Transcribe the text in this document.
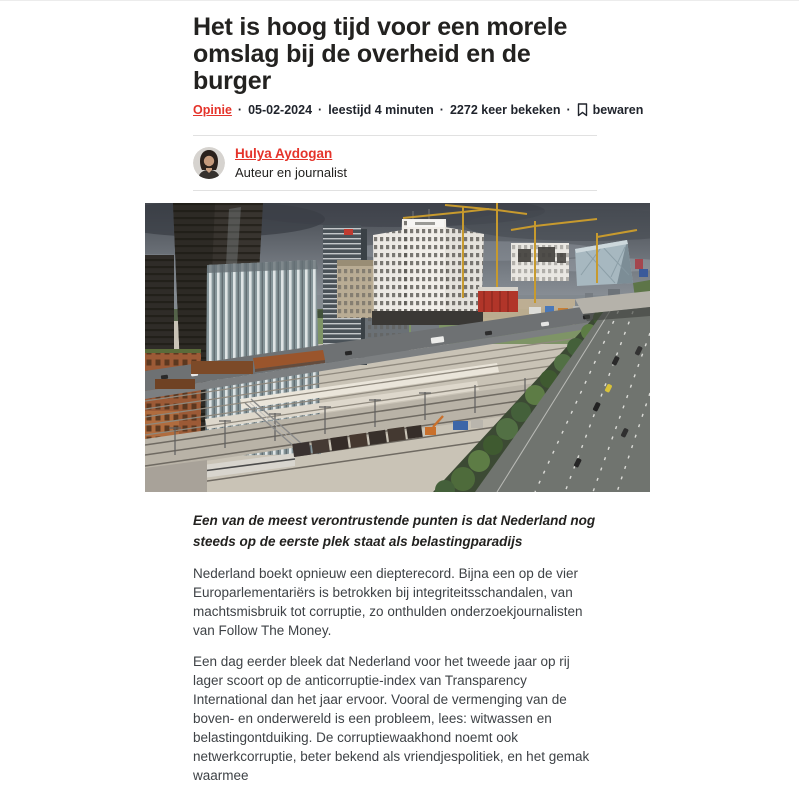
Het is hoog tijd voor een morele omslag bij de overheid en de burger
Opinie · 05-02-2024 · leestijd 4 minuten · 2272 keer bekeken · bewaren
Hulya Aydogan
Auteur en journalist

Een van de meest verontrustende punten is dat Nederland nog steeds op de eerste plek staat als belastingparadijs

Nederland boekt opnieuw een diepterecord. Bijna een op de vier Europarlementariërs is betrokken bij integriteitsschandalen, van machtsmisbruik tot corruptie, zo onthulden onderzoekjournalisten van Follow The Money.

Een dag eerder bleek dat Nederland voor het tweede jaar op rij lager scoort op de anticorruptie-index van Transparency International dan het jaar ervoor. Vooral de vermenging van de boven- en onderwereld is een probleem, lees: witwassen en belastingontduiking. De corruptiewaakhond noemt ook netwerkcorruptie, beter bekend als vriendjespolitiek, en het gemak waarmee
